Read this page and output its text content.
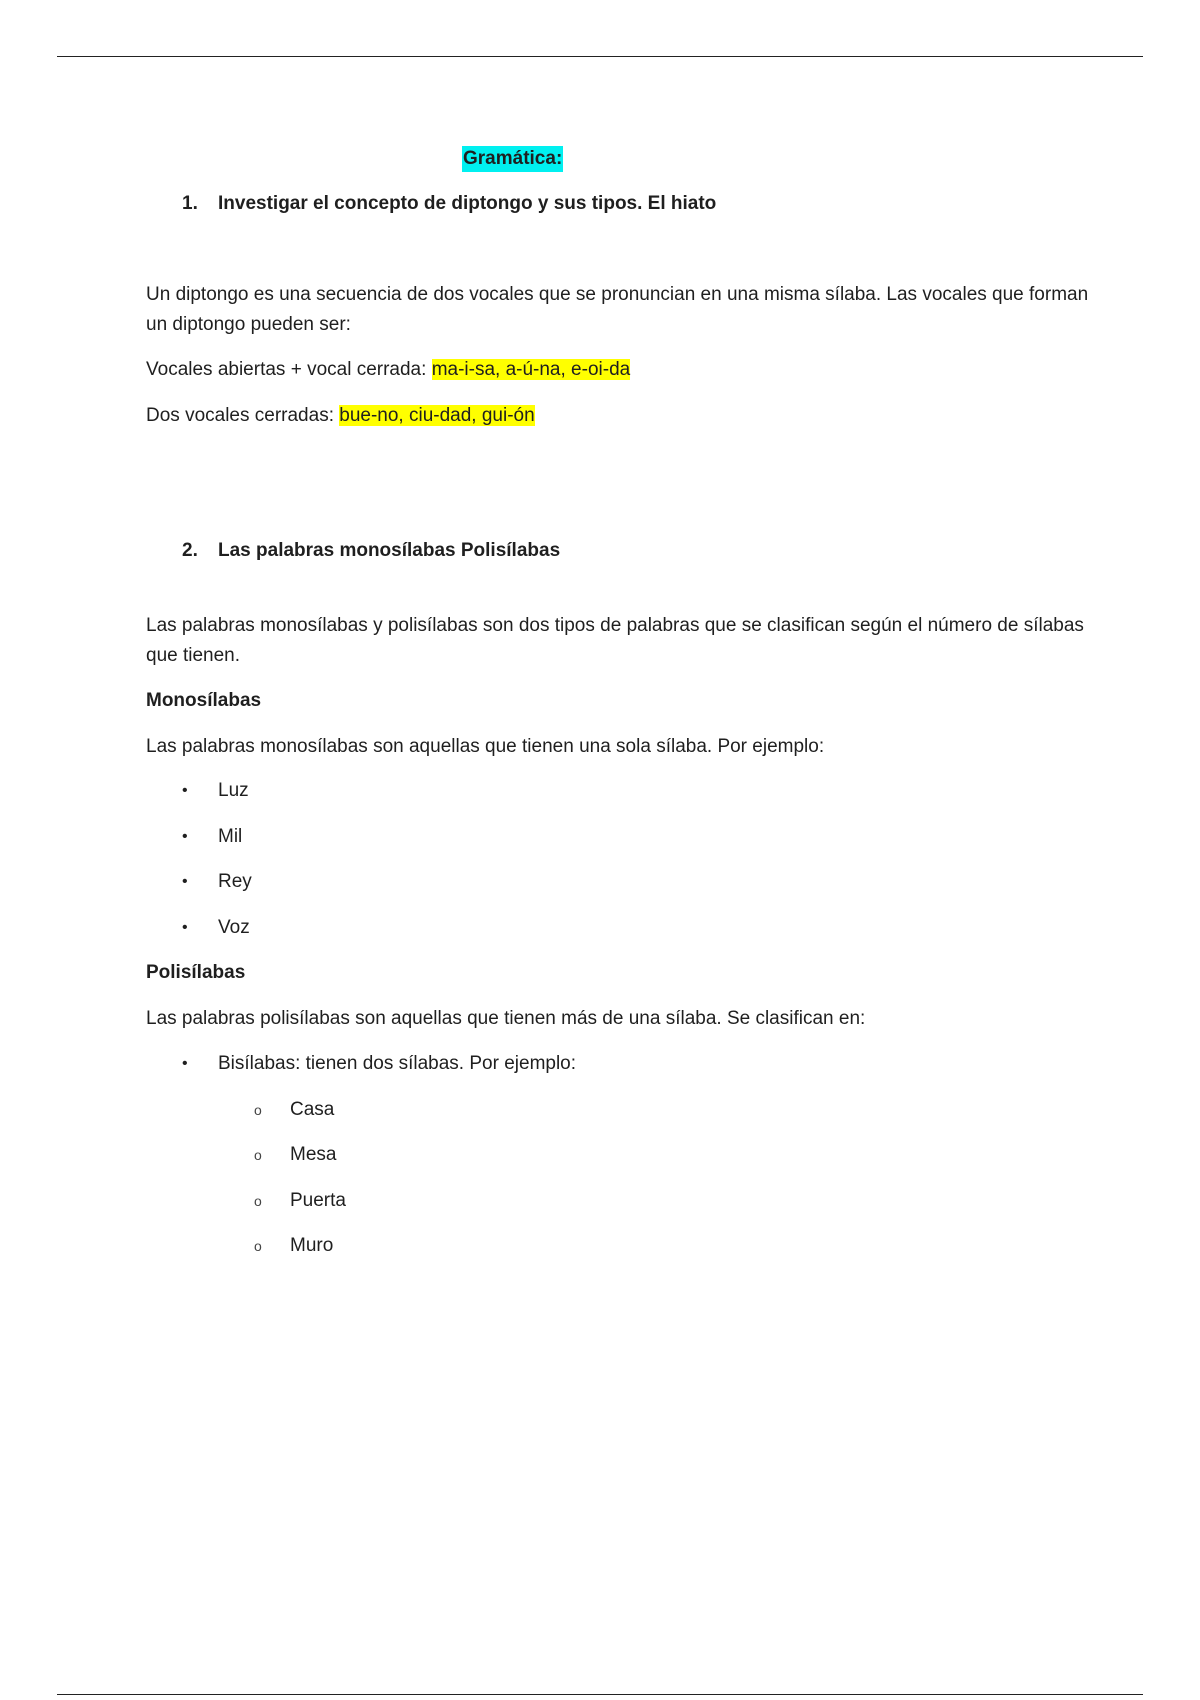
Gramática:
1. Investigar el concepto de diptongo y sus tipos. El hiato
Un diptongo es una secuencia de dos vocales que se pronuncian en una misma sílaba. Las vocales que forman un diptongo pueden ser:
Vocales abiertas + vocal cerrada: ma-i-sa, a-ú-na, e-oi-da
Dos vocales cerradas: bue-no, ciu-dad, gui-ón
2. Las palabras monosílabas Polisílabas
Las palabras monosílabas y polisílabas son dos tipos de palabras que se clasifican según el número de sílabas que tienen.
Monosílabas
Las palabras monosílabas son aquellas que tienen una sola sílaba. Por ejemplo:
• Luz
• Mil
• Rey
• Voz
Polisílabas
Las palabras polisílabas son aquellas que tienen más de una sílaba. Se clasifican en:
• Bisílabas: tienen dos sílabas. Por ejemplo:
o Casa
o Mesa
o Puerta
o Muro
